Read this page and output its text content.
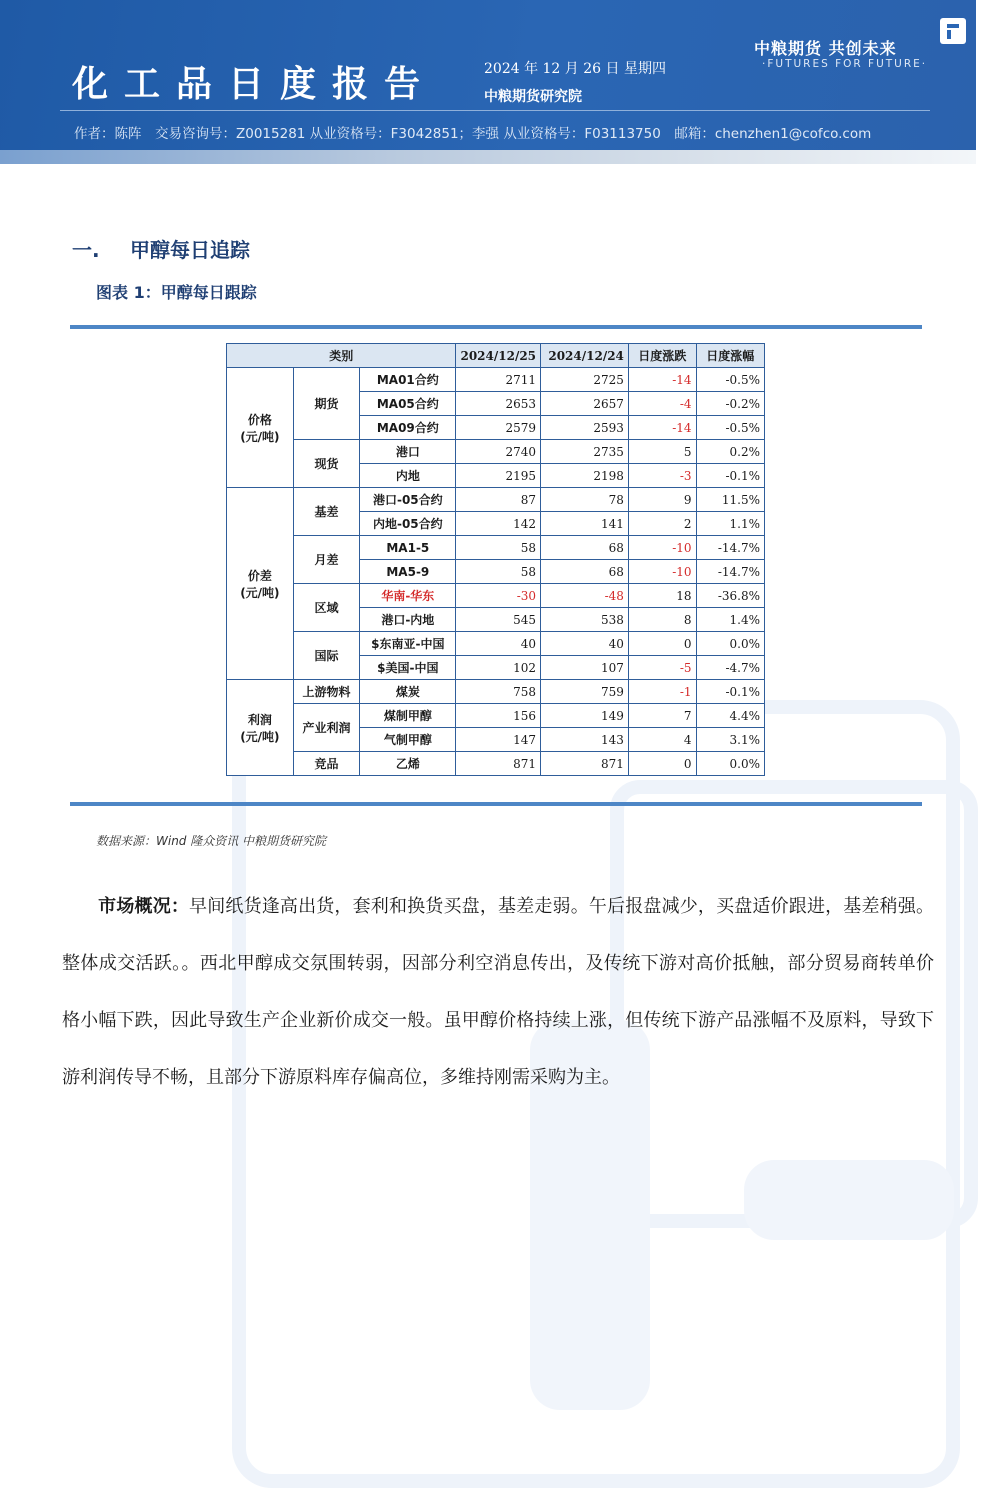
化工品日度报告	2024 年 12 月 26 日 星期四
中粮期货研究院
作者：陈阵　交易咨询号：Z0015281 从业资格号：F3042851；李强 从业资格号：F03113750　邮箱：chenzhen1@cofco.com
中粮期货 共创未来
·FUTURES FOR FUTURE·
一. 甲醇每日追踪
图表 1：甲醇每日跟踪
类别			2024/12/25	2024/12/24	日度涨跌	日度涨幅
价格
(元/吨)	期货	MA01合约	2711	2725	-14	-0.5%
		MA05合约	2653	2657	-4	-0.2%
		MA09合约	2579	2593	-14	-0.5%
	现货	港口	2740	2735	5	0.2%
		内地	2195	2198	-3	-0.1%
价差
(元/吨)	基差	港口-05合约	87	78	9	11.5%
		内地-05合约	142	141	2	1.1%
	月差	MA1-5	58	68	-10	-14.7%
		MA5-9	58	68	-10	-14.7%
	区域	华南-华东	-30	-48	18	-36.8%
		港口-内地	545	538	8	1.4%
	国际	$东南亚-中国	40	40	0	0.0%
		$美国-中国	102	107	-5	-4.7%
利润
(元/吨)	上游物料	煤炭	758	759	-1	-0.1%
	产业利润	煤制甲醇	156	149	7	4.4%
		气制甲醇	147	143	4	3.1%
	竞品	乙烯	871	871	0	0.0%
数据来源：Wind 隆众资讯 中粮期货研究院
  市场概况：早间纸货逢高出货，套利和换货买盘，基差走弱。午后报盘减少，买盘适价跟进，基差稍强。整体成交活跃。。西北甲醇成交氛围转弱，因部分利空消息传出，及传统下游对高价抵触，部分贸易商转单价格小幅下跌，因此导致生产企业新价成交一般。虽甲醇价格持续上涨，但传统下游产品涨幅不及原料，导致下游利润传导不畅，且部分下游原料库存偏高位，多维持刚需采购为主。
